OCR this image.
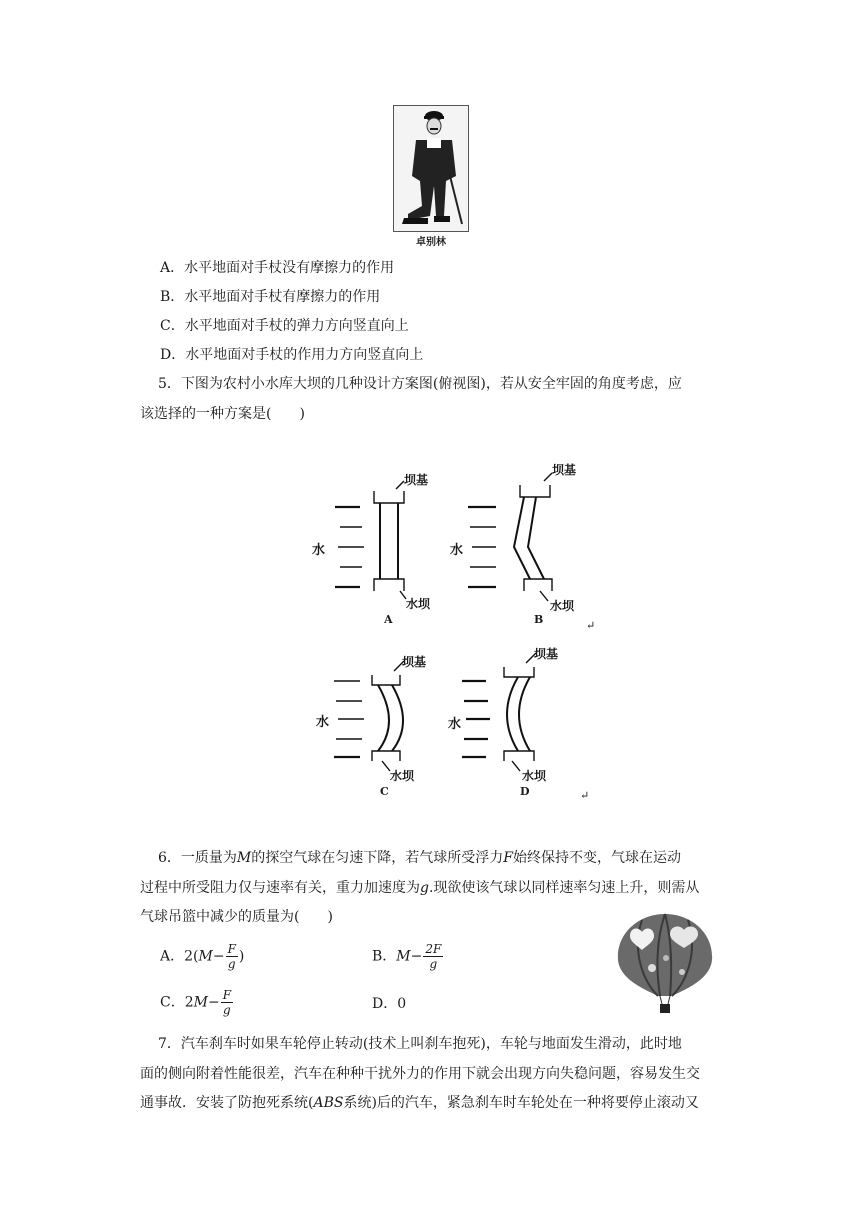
卓别林
A．水平地面对手杖没有摩擦力的作用
B．水平地面对手杖有摩擦力的作用
C．水平地面对手杖的弹力方向竖直向上
D．水平地面对手杖的作用力方向竖直向上
5．下图为农村小水库大坝的几种设计方案图(俯视图)，若从安全牢固的角度考虑，应
该选择的一种方案是(　　)
坝基
水
水坝
A
坝基
水
水坝
B	↵
坝基
水
水坝
C
坝基
水
水坝
D	↵
6．一质量为M的探空气球在匀速下降，若气球所受浮力F始终保持不变，气球在运动
过程中所受阻力仅与速率有关，重力加速度为g.现欲使该气球以同样速率匀速上升，则需从
气球吊篮中减少的质量为(　　)
A．$2(M- \frac{F}{g}$ )	B．$M- \frac{2F}{g}$
C．$2M- \frac{F}{g}$	D．0
7．汽车刹车时如果车轮停止转动(技术上叫刹车抱死)，车轮与地面发生滑动，此时地
面的侧向附着性能很差，汽车在种种干扰外力的作用下就会出现方向失稳问题，容易发生交
通事故．安装了防抱死系统(ABS系统)后的汽车，紧急刹车时车轮处在一种将要停止滚动又
